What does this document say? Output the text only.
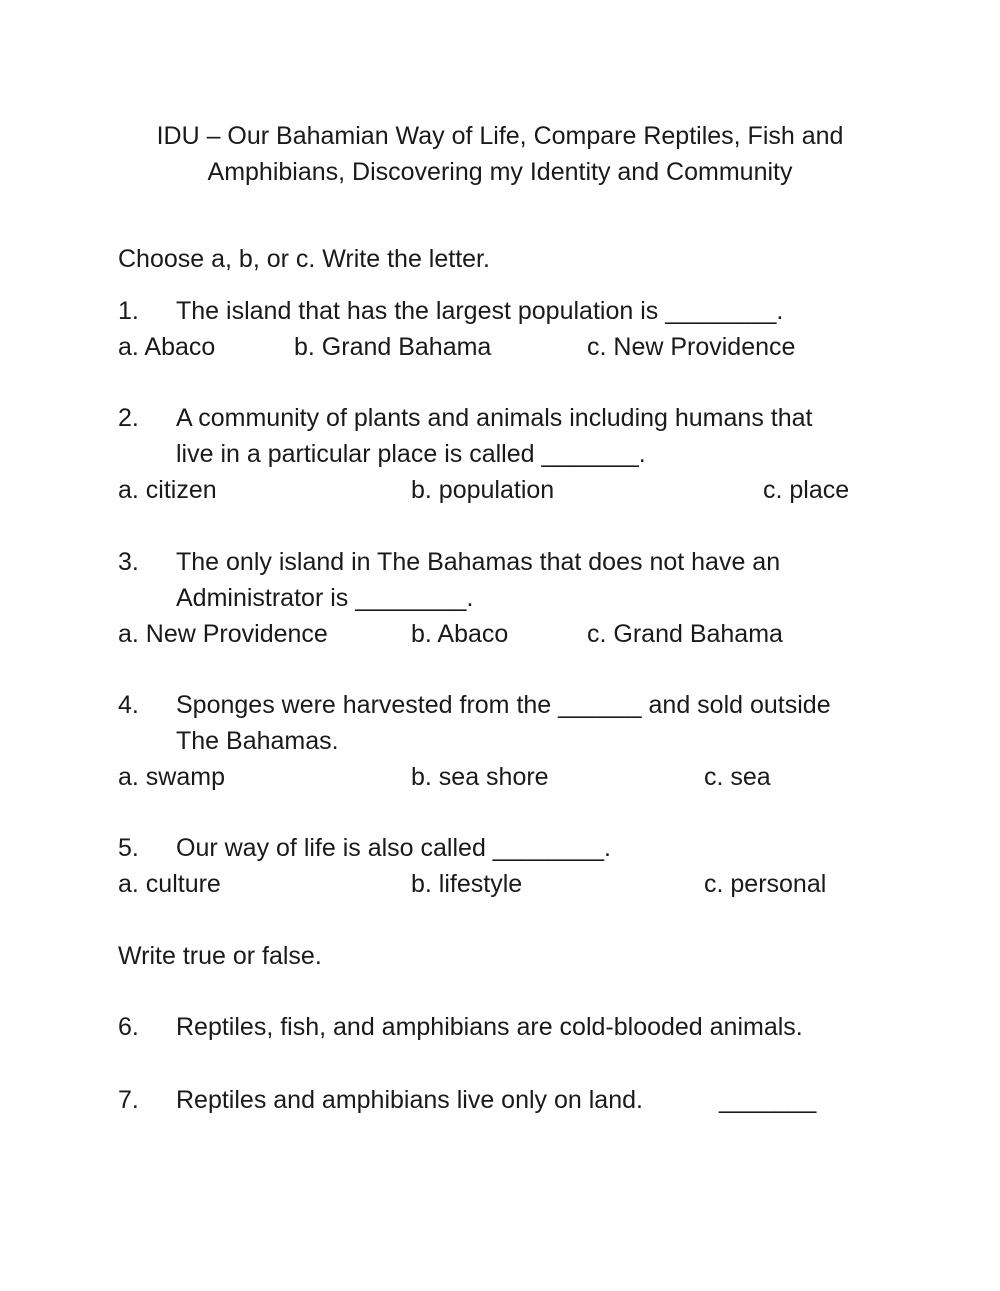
IDU – Our Bahamian Way of Life, Compare Reptiles, Fish and
Amphibians, Discovering my Identity and Community
Choose a, b, or c. Write the letter.
1. The island that has the largest population is ________.
a. Abaco	b. Grand Bahama	c. New Providence
2. A community of plants and animals including humans that
live in a particular place is called _______.
a. citizen	b. population	c. place
3. The only island in The Bahamas that does not have an
Administrator is ________.
a. New Providence	b. Abaco	c. Grand Bahama
4. Sponges were harvested from the ______ and sold outside
The Bahamas.
a. swamp	b. sea shore	c. sea
5. Our way of life is also called ________.
a. culture	b. lifestyle	c. personal
Write true or false.
6. Reptiles, fish, and amphibians are cold-blooded animals.
7. Reptiles and amphibians live only on land.	_______
